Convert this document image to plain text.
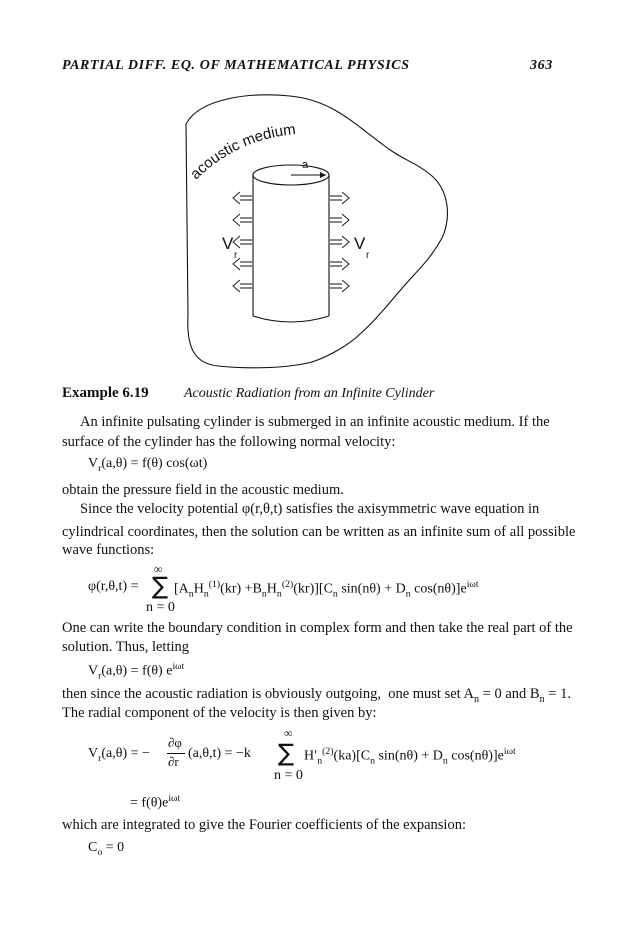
PARTIAL DIFF. EQ. OF MATHEMATICAL PHYSICS	363
acoustic medium
a
V
r
V
r
Example 6.19	Acoustic Radiation from an Infinite Cylinder
An infinite pulsating cylinder is submerged in an infinite acoustic medium. If the
surface of the cylinder has the following normal velocity:
$V_r(a,\theta) = f(\theta)$ cos(ωt)
obtain the pressure field in the acoustic medium.
Since the velocity potential φ(r,θ,t) satisfies the axisymmetric wave equation in
cylindrical coordinates, then the solution can be written as an infinite sum of all possible
wave functions:
∞
φ(r,θ,t) = ∑ $[A_nH_n^{(1)}(kr) +B_nH_n^{(2)}(kr)][C_n$ $\sin(n\theta) + D_n$ $\cos(n\theta)]e^{i\omega t}$
n = 0
One can write the boundary condition in complex form and then take the real part of the
solution. Thus, letting
$V_r(a,\theta) = f(\theta)$ $e^{i\omega t}$
then since the acoustic radiation is obviously outgoing,  one must set $A_n = 0$ and $B_n = 1$.
The radial component of the velocity is then given by:
∞
$V_r(a,\theta)$ = −
∂φ
∂r
(a,θ,t) = −k ∑ $H'_n^{(2)}(ka)[C_n$ $\sin(n\theta) + D_n$ $\cos(n\theta)]e^{i\omega t}$
n = 0
= $f(\theta)e^{i\omega t}$
which are integrated to give the Fourier coefficients of the expansion:
$C_o = 0$
